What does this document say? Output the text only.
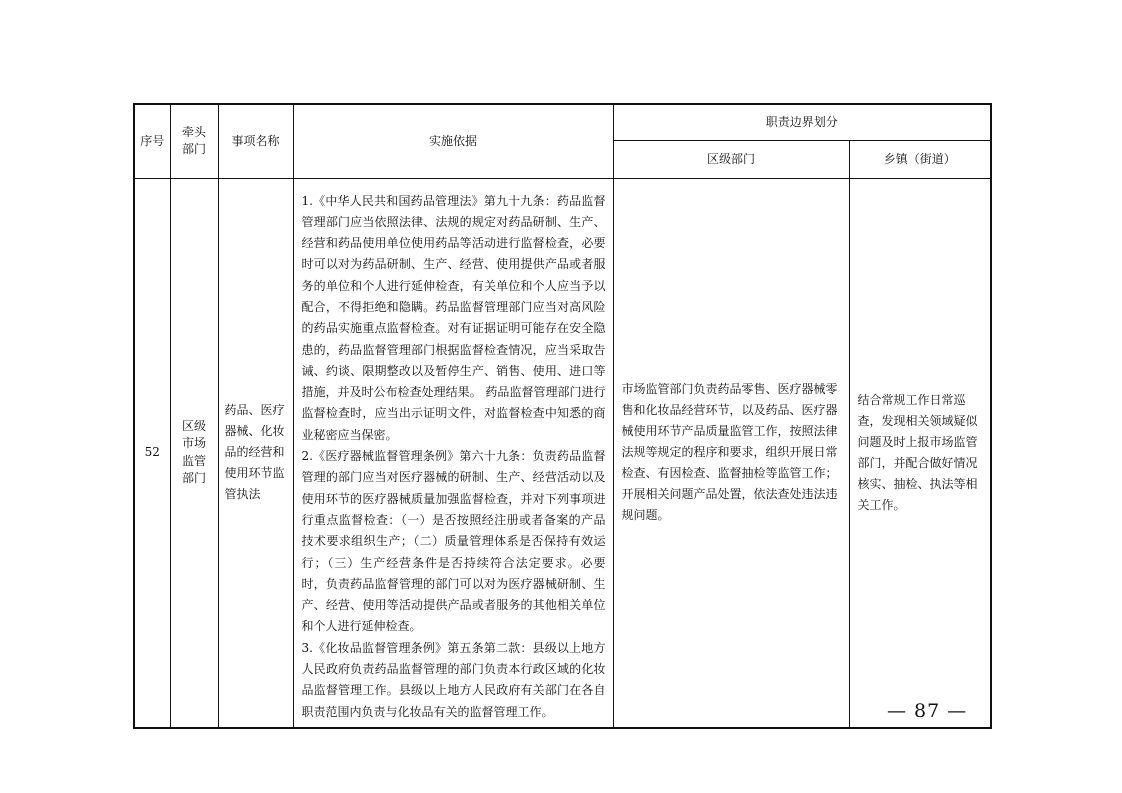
序号	牵头部门	事项名称	实施依据	职责边界划分	
				区级部门	乡镇（街道）
52	区级市场监管部门	药品、医疗器械、化妆品的经营和使用环节监管执法	1.《中华人民共和国药品管理法》第九十九条：药品监督管理部门应当依照法律、法规的规定对药品研制、生产、经营和药品使用单位使用药品等活动进行监督检查，必要时可以对为药品研制、生产、经营、使用提供产品或者服务的单位和个人进行延伸检查，有关单位和个人应当予以配合，不得拒绝和隐瞒。药品监督管理部门应当对高风险的药品实施重点监督检查。对有证据证明可能存在安全隐患的，药品监督管理部门根据监督检查情况，应当采取告诫、约谈、限期整改以及暂停生产、销售、使用、进口等措施，并及时公布检查处理结果。 药品监督管理部门进行监督检查时，应当出示证明文件，对监督检查中知悉的商业秘密应当保密。

2.《医疗器械监督管理条例》第六十九条：负责药品监督管理的部门应当对医疗器械的研制、生产、经营活动以及使用环节的医疗器械质量加强监督检查，并对下列事项进行重点监督检查：（一）是否按照经注册或者备案的产品技术要求组织生产；（二）质量管理体系是否保持有效运行；（三）生产经营条件是否持续符合法定要求。必要时，负责药品监督管理的部门可以对为医疗器械研制、生产、经营、使用等活动提供产品或者服务的其他相关单位和个人进行延伸检查。

3.《化妆品监督管理条例》第五条第二款：县级以上地方人民政府负责药品监督管理的部门负责本行政区域的化妆品监督管理工作。县级以上地方人民政府有关部门在各自职责范围内负责与化妆品有关的监督管理工作。	市场监管部门负责药品零售、医疗器械零售和化妆品经营环节，以及药品、医疗器械使用环节产品质量监管工作，按照法律法规等规定的程序和要求，组织开展日常检查、有因检查、监督抽检等监管工作；开展相关问题产品处置，依法查处违法违规问题。	结合常规工作日常巡查，发现相关领域疑似问题及时上报市场监管部门，并配合做好情况核实、抽检、执法等相关工作。
— 87 —
